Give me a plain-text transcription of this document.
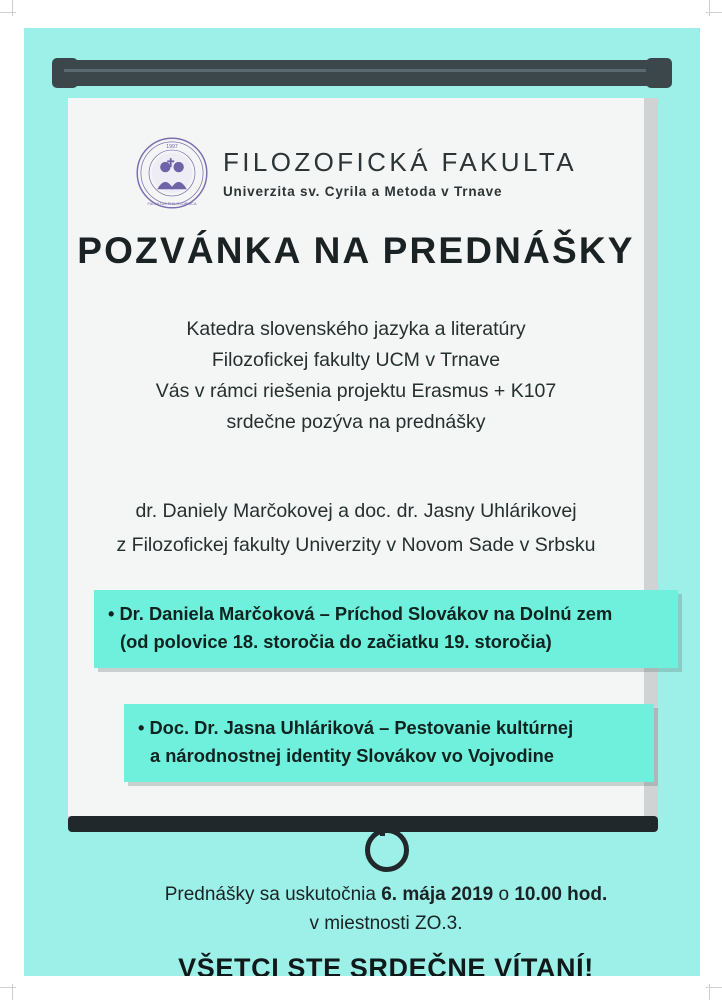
1997
FACULTAS PHILOSOPHICA
FILOZOFICKÁ FAKULTA
Univerzita sv. Cyrila a Metoda v Trnave
POZVÁNKA NA PREDNÁŠKY
Katedra slovenského jazyka a literatúry
Filozofickej fakulty UCM v Trnave
Vás v rámci riešenia projektu Erasmus + K107
srdečne pozýva na prednášky
dr. Daniely Marčokovej a doc. dr. Jasny Uhlárikovej
z Filozofickej fakulty Univerzity v Novom Sade v Srbsku
• Dr. Daniela Marčoková – Príchod Slovákov na Dolnú zem
(od polovice 18. storočia do začiatku 19. storočia)
• Doc. Dr. Jasna Uhláriková – Pestovanie kultúrnej
a národnostnej identity Slovákov vo Vojvodine
Prednášky sa uskutočnia 6. mája 2019 o 10.00 hod.
v miestnosti ZO.3.
VŠETCI STE SRDEČNE VÍTANÍ!
